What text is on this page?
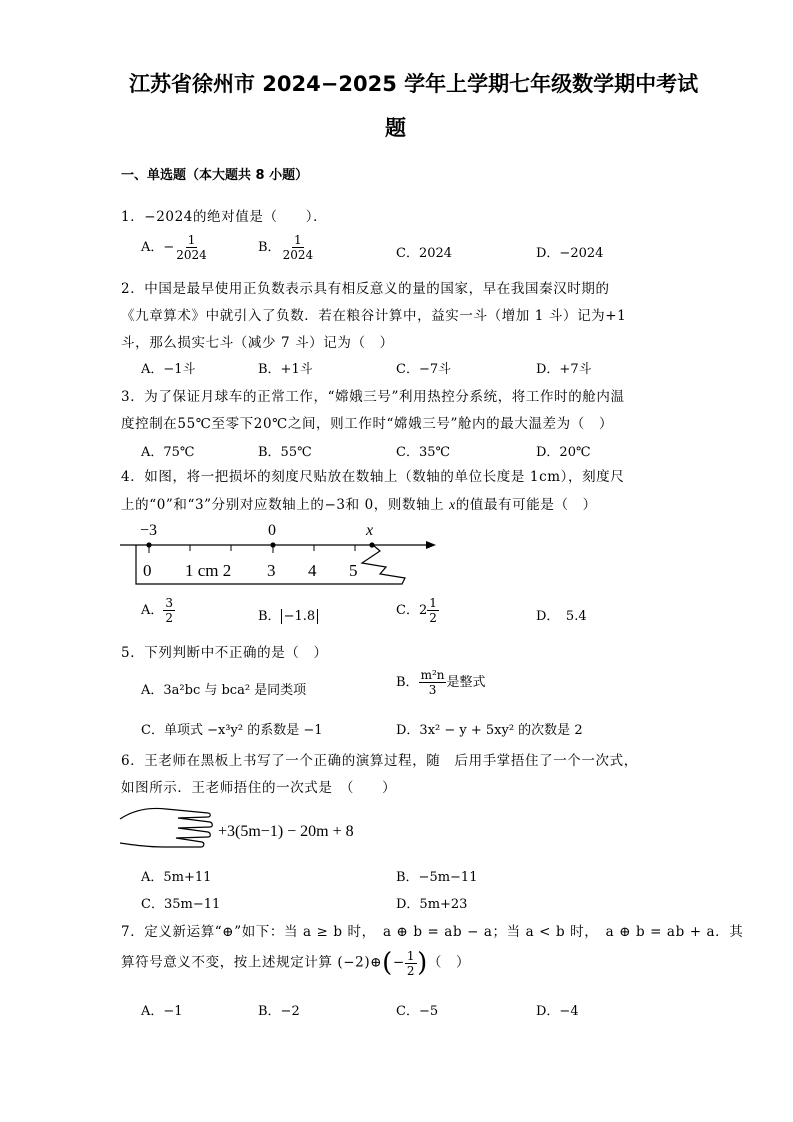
江苏省徐州市 2024−2025 学年上学期七年级数学期中考试
题
一、单选题（本大题共 8 小题）
1．−2024的绝对值是（　　）．
A．− $\frac{1}{2024}$	B． $\frac{1}{2024}$	C．2024	D．−2024
2．中国是最早使用正负数表示具有相反意义的量的国家，早在我国秦汉时期的
《九章算术》中就引入了负数．若在粮谷计算中，益实一斗（增加 1 斗）记为+1
斗，那么损实七斗（减少 7 斗）记为（　）
A．−1斗	B．+1斗	C．−7斗	D．+7斗
3．为了保证月球车的正常工作，“嫦娥三号”利用热控分系统，将工作时的舱内温
度控制在55℃至零下20℃之间，则工作时“嫦娥三号”舱内的最大温差为（　）
A．75℃	B．55℃	C．35℃	D．20℃
4．如图，将一把损坏的刻度尺贴放在数轴上（数轴的单位长度是 1cm），刻度尺
上的“0”和“3”分别对应数轴上的−3和 0，则数轴上 x的值最有可能是（　）
−3	0	x
0 1 cm 2 3 4 5
A． $\frac{3}{2}$	B． −1.8	C．$2 \frac{1}{2}$	D．　5.4
5．下列判断中不正确的是（　）
A．3a²bc 与 bca² 是同类项
B． $\frac{\text{m²n}}{3}$ 是整式
C．单项式 −x³y² 的系数是 −1	D．3x² − y + 5xy² 的次数是 2
6．王老师在黑板上书写了一个正确的演算过程，随　后用手掌捂住了一个一次式，
如图所示．王老师捂住的一次式是　（　　）
+3(5m−1) − 20m + 8
A．5m+11	B．−5m−11
C．35m−11	D．5m+23
7．定义新运算“⊕”如下：当 a ≥ b 时，　a ⊕ b = ab − a；当 a < b 时，　a ⊕ b = ab + a．其
算符号意义不变，按上述规定计算 (−2)⊕(− $\frac{1}{2}$ )（　）
A．−1	B．−2	C．−5	D．−4
